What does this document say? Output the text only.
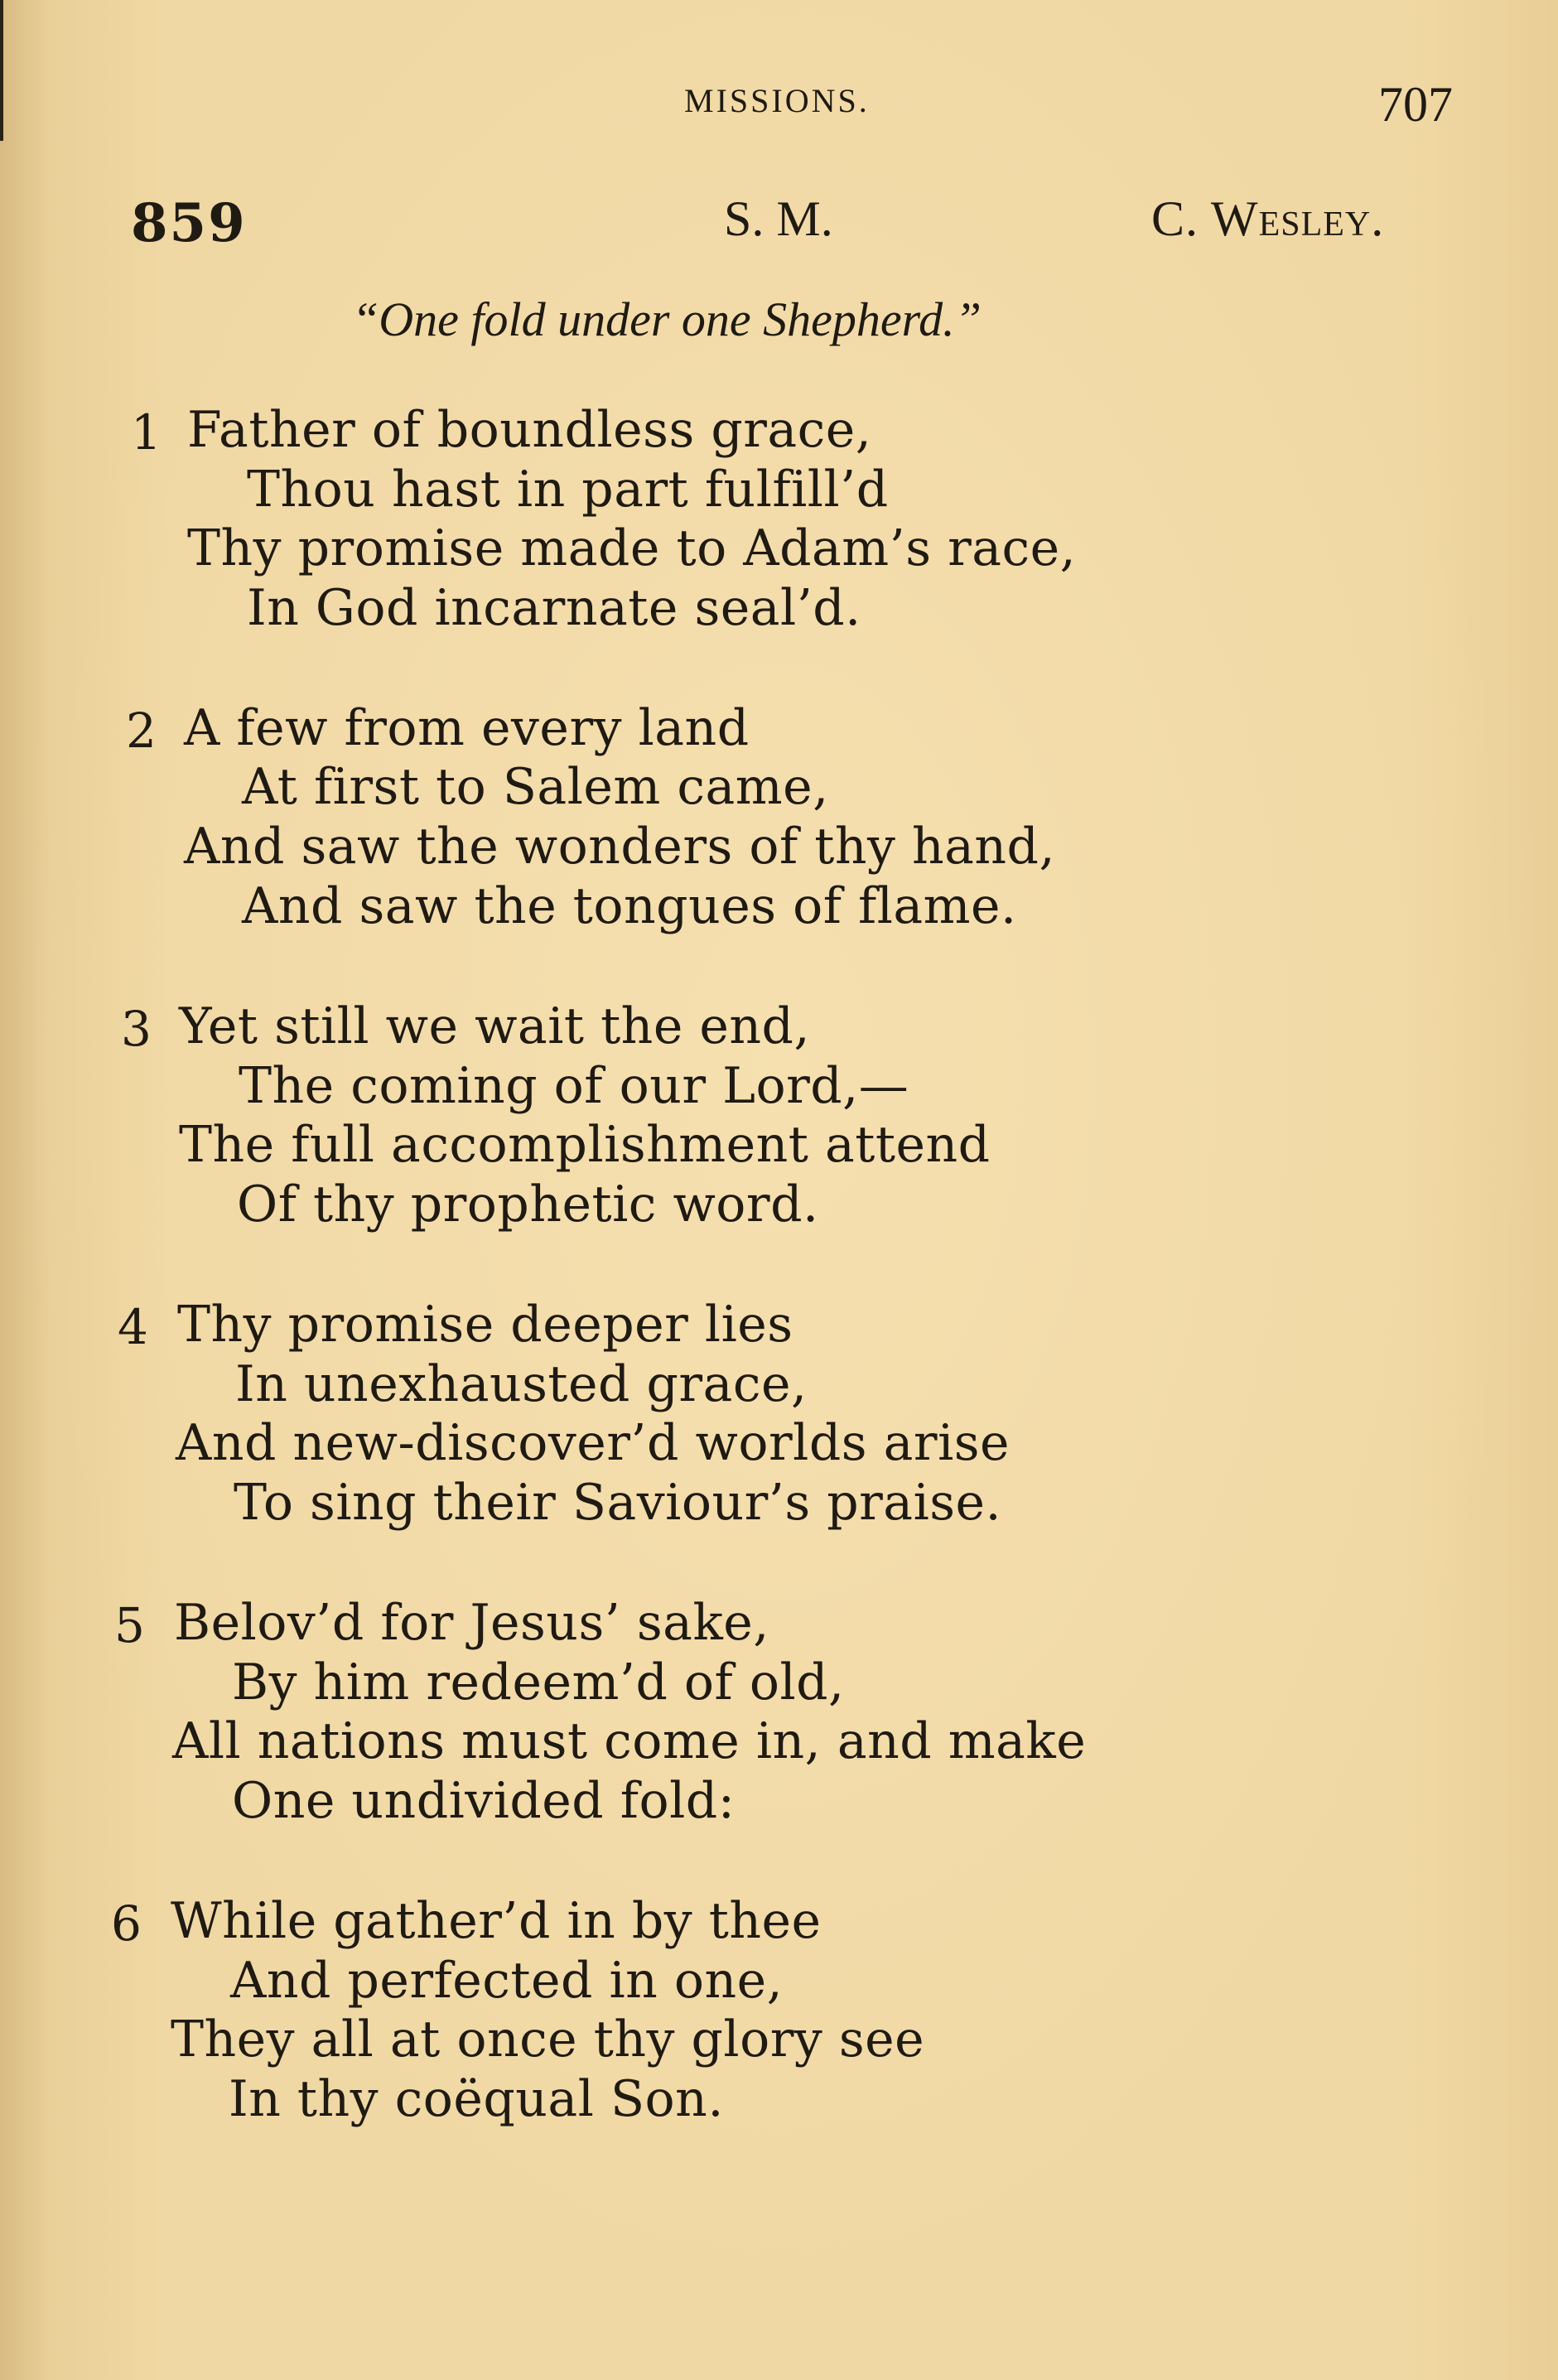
MISSIONS.	707
859	S. M.	C. Wesley.
“One fold under one Shepherd.”
1 Father of boundless grace,
Thou hast in part fulfill’d
Thy promise made to Adam’s race,
In God incarnate seal’d.
2 A few from every land
At first to Salem came,
And saw the wonders of thy hand,
And saw the tongues of flame.
3 Yet still we wait the end,
The coming of our Lord,—
The full accomplishment attend
Of thy prophetic word.
4 Thy promise deeper lies
In unexhausted grace,
And new-discover’d worlds arise
To sing their Saviour’s praise.
5 Belov’d for Jesus’ sake,
By him redeem’d of old,
All nations must come in, and make
One undivided fold:
6 While gather’d in by thee
And perfected in one,
They all at once thy glory see
In thy coëqual Son.
